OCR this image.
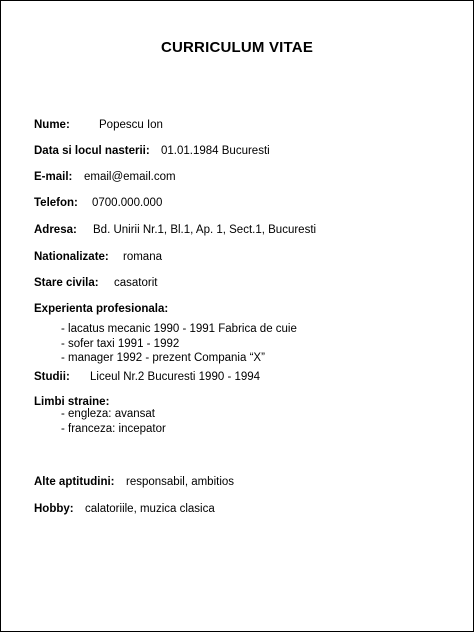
CURRICULUM VITAE
Nume:	Popescu Ion
Data si locul nasterii: 01.01.1984 Bucuresti
E-mail: email@email.com
Telefon: 0700.000.000
Adresa: Bd. Unirii Nr.1, Bl.1, Ap. 1, Sect.1, Bucuresti
Nationalizate: romana
Stare civila: casatorit
Experienta profesionala:
- lacatus mecanic 1990 - 1991 Fabrica de cuie
- sofer taxi 1991 - 1992
- manager 1992 - prezent Compania “X”
Studii: Liceul Nr.2 Bucuresti 1990 - 1994
Limbi straine:
- engleza: avansat
- franceza: incepator
Alte aptitudini: responsabil, ambitios
Hobby: calatoriile, muzica clasica
